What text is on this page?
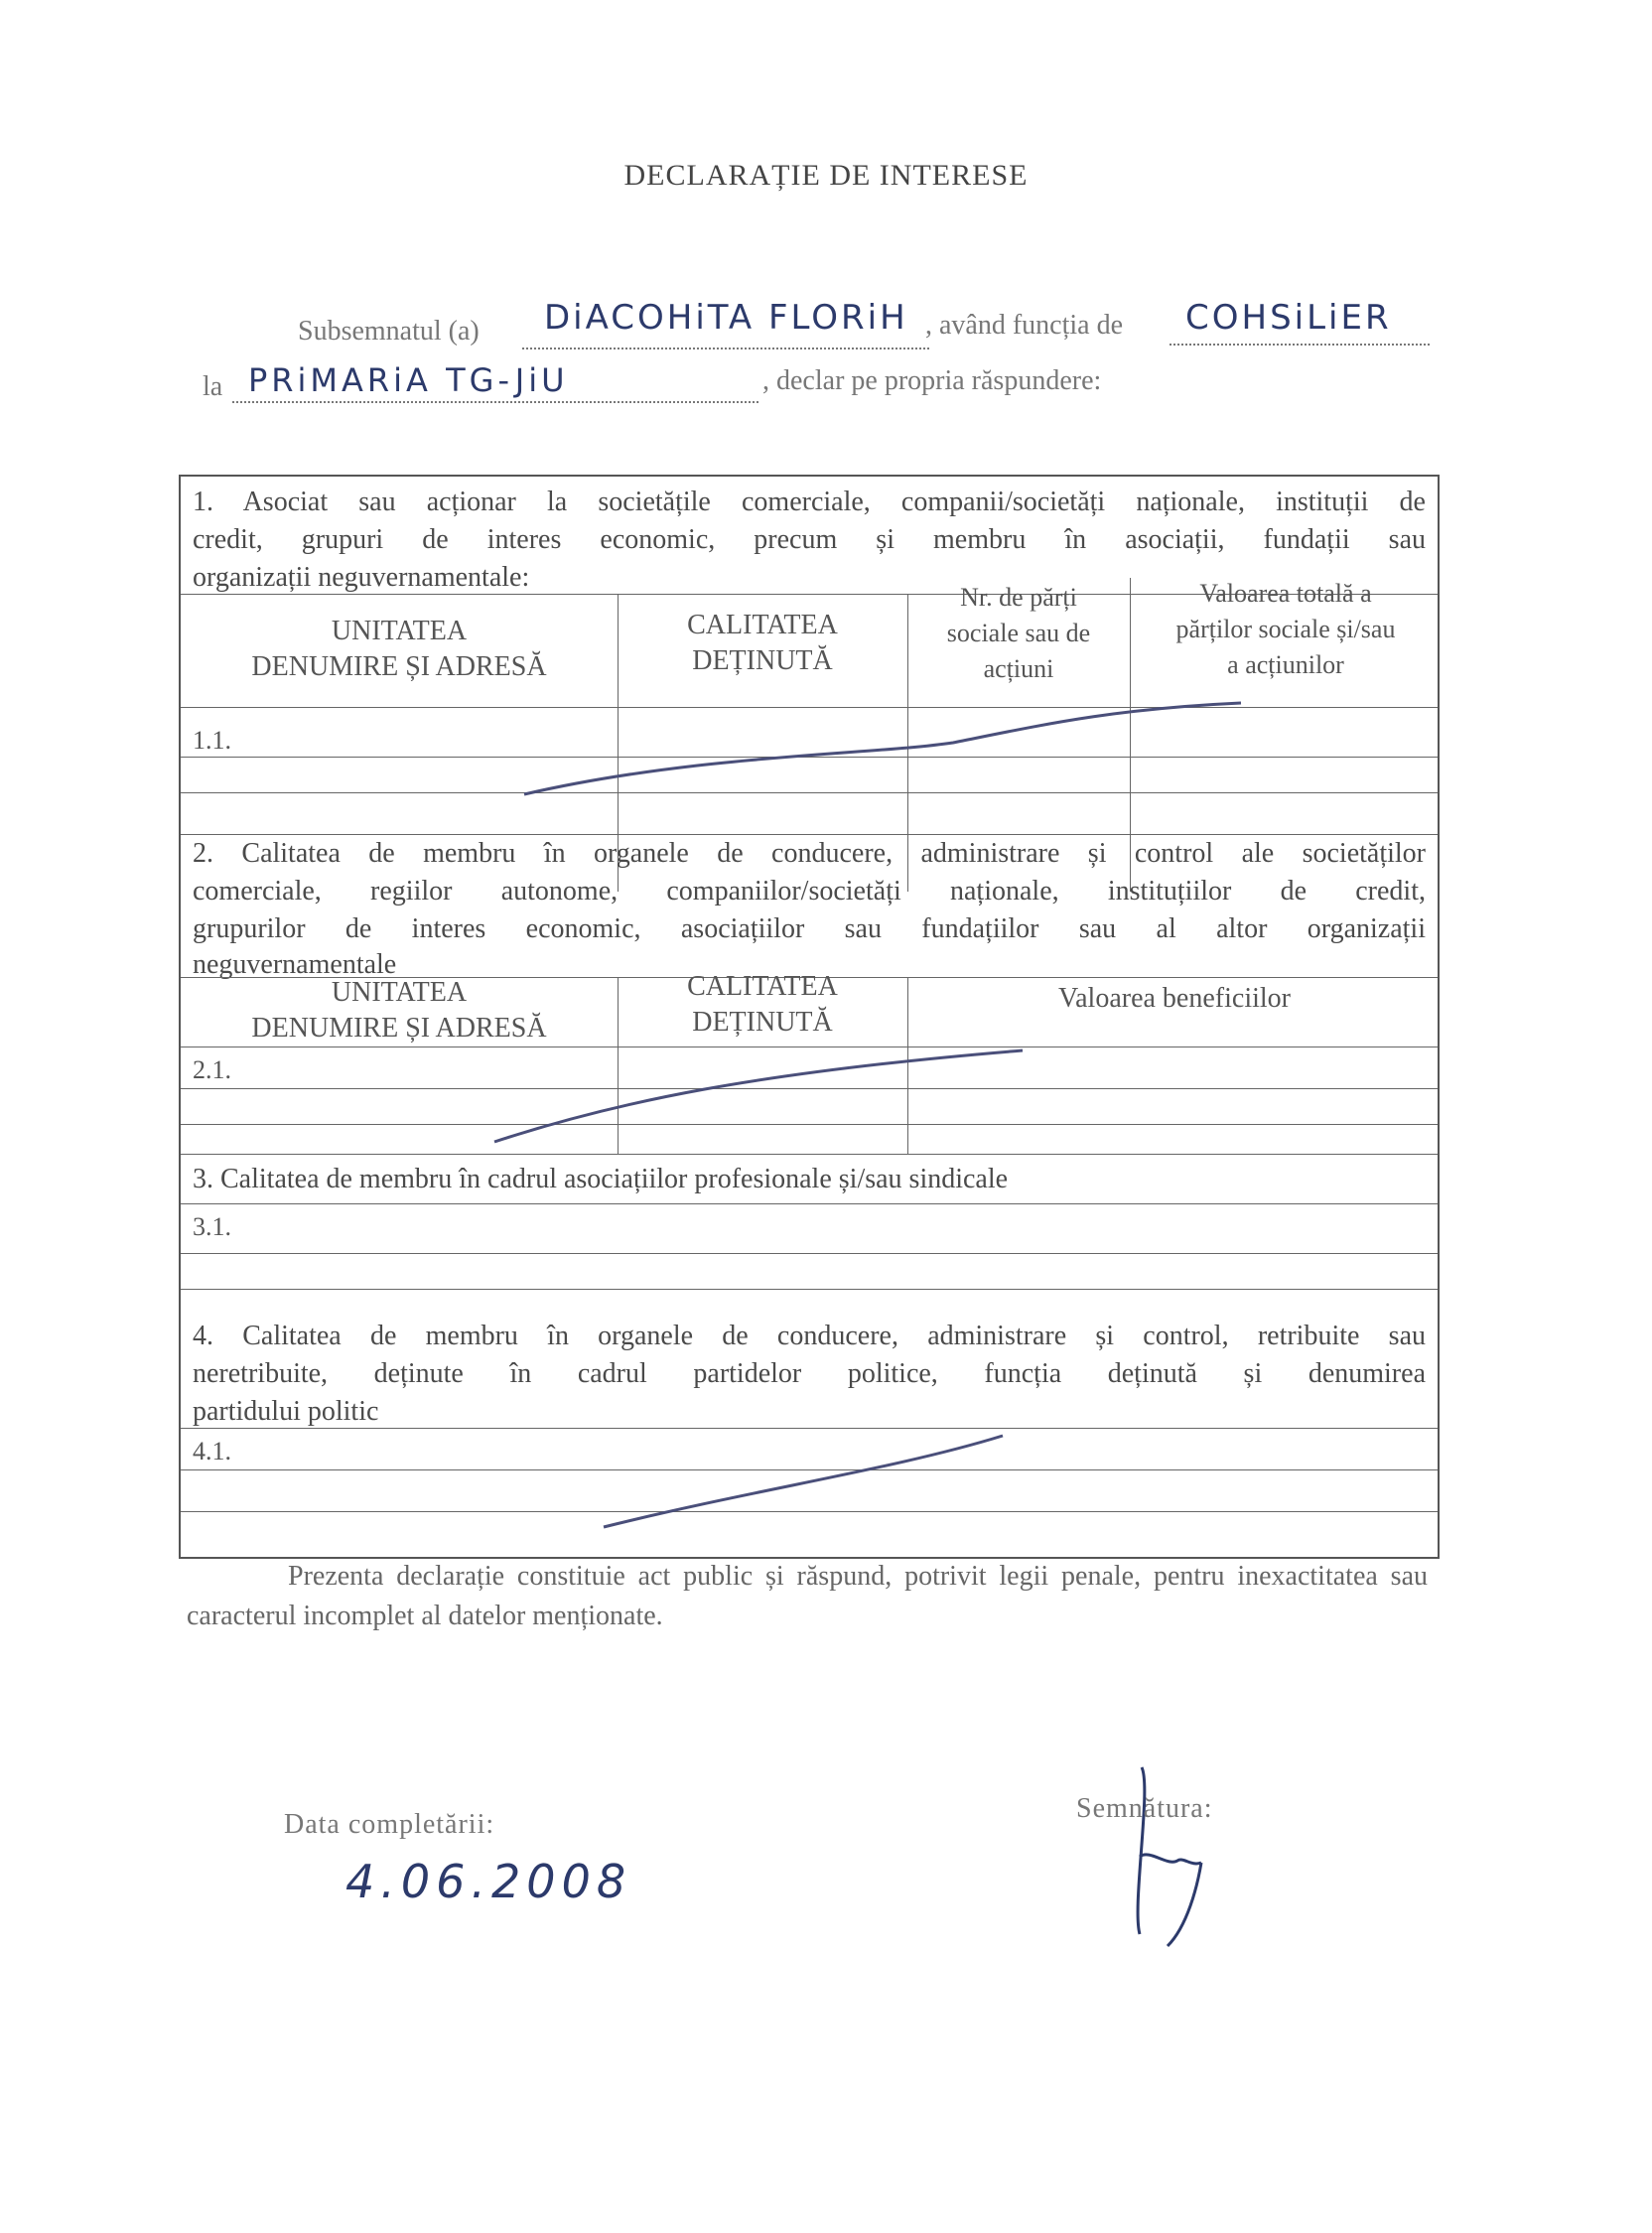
DECLARAȚIE DE INTERESE
Subsemnatul (a) DiACOHiTA FLORiH , având funcția de COHSiLiER
la PRiMARiA TG-JiU	, declar pe propria răspundere:
1. Asociat sau acționar la societățile comerciale, companii/societăți naționale, instituții de
credit, grupuri de interes economic, precum și membru în asociații, fundații sau
organizații neguvernamentale:
UNITATEA
DENUMIRE ȘI ADRESĂ
CALITATEA
DEȚINUTĂ
Nr. de părți
sociale sau de
acțiuni
Valoarea totală a
părților sociale și/sau
a acțiunilor
1.1.
2. Calitatea de membru în organele de conducere, administrare și control ale societăților
comerciale, regiilor autonome, companiilor/societăți naționale, instituțiilor de credit,
grupurilor de interes economic, asociațiilor sau fundațiilor sau al altor organizații
neguvernamentale
UNITATEA
DENUMIRE ȘI ADRESĂ
CALITATEA
DEȚINUTĂ
Valoarea beneficiilor
2.1.
3. Calitatea de membru în cadrul asociațiilor profesionale și/sau sindicale
3.1.
4. Calitatea de membru în organele de conducere, administrare și control, retribuite sau
neretribuite, deținute în cadrul partidelor politice, funcția deținută și denumirea
partidului politic
4.1.
Prezenta declarație constituie act public și răspund, potrivit legii penale, pentru inexactitatea sau caracterul incomplet al datelor menționate.
Data completării:
4.06.2008
Semnătura:
